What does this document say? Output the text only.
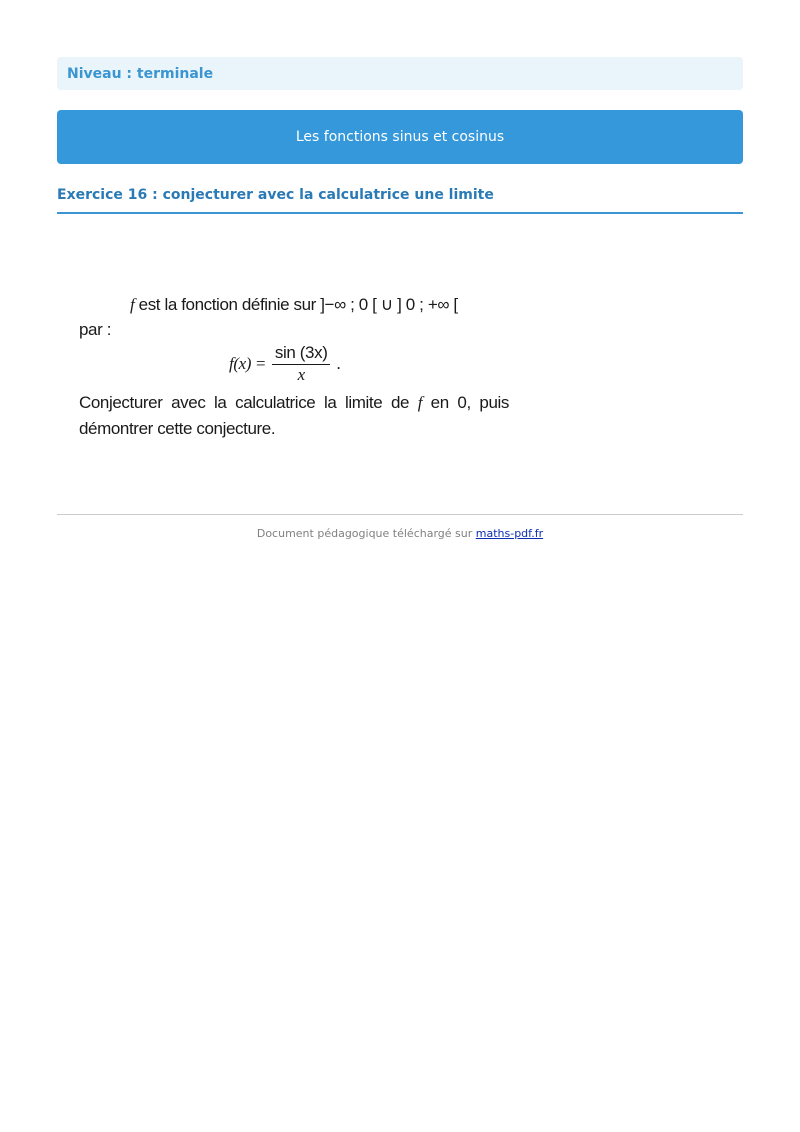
Niveau : terminale
Les fonctions sinus et cosinus
Exercice 16 : conjecturer avec la calculatrice une limite
f est la fonction définie sur ]−∞ ; 0 [ ∪ ] 0 ; +∞ [
par :
$f(x) = \frac{\sin (3x)}{x}$ .
Conjecturer avec la calculatrice la limite de f en 0, puis démontrer cette conjecture.
Document pédagogique téléchargé sur maths-pdf.fr
